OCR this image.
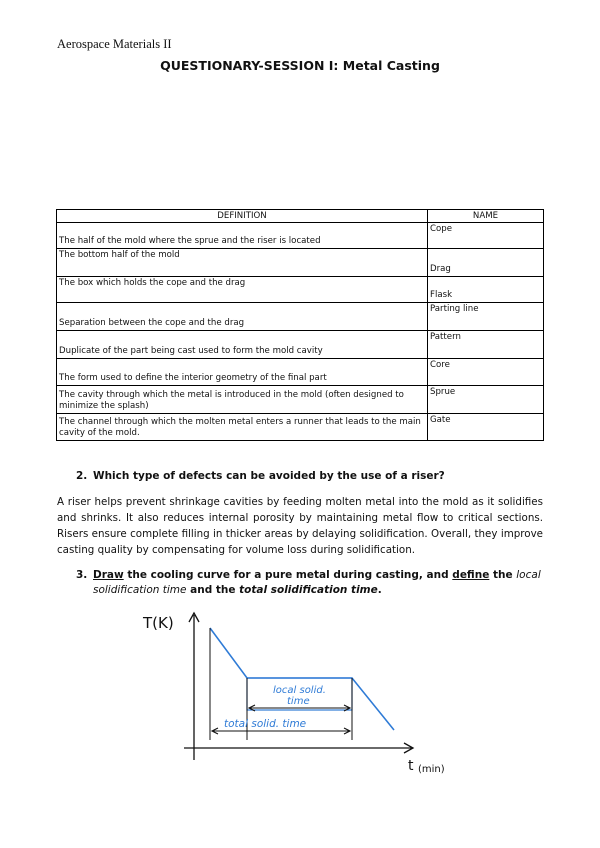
Aerospace Materials II
QUESTIONARY-SESSION I: Metal Casting
DEFINITION	NAME
The half of the mold where the sprue and the riser is located	Cope
The bottom half of the mold	Drag
The box which holds the cope and the drag	Flask
Separation between the cope and the drag	Parting line
Duplicate of the part being cast used to form the mold cavity	Pattern
The form used to define the interior geometry of the final part	Core
The cavity through which the metal is introduced in the mold (often designed to minimize the splash)	Sprue
The channel through which the molten metal enters a runner that leads to the main cavity of the mold.	Gate
2. Which type of defects can be avoided by the use of a riser?
A riser helps prevent shrinkage cavities by feeding molten metal into the mold as it solidifies and shrinks. It also reduces internal porosity by maintaining metal flow to critical sections. Risers ensure complete filling in thicker areas by delaying solidification. Overall, they improve casting quality by compensating for volume loss during solidification.
3. Draw the cooling curve for a pure metal during casting, and define the local
solidification time and the total solidification time.
T(K)
t (min)
local solid.
time
total solid. time
